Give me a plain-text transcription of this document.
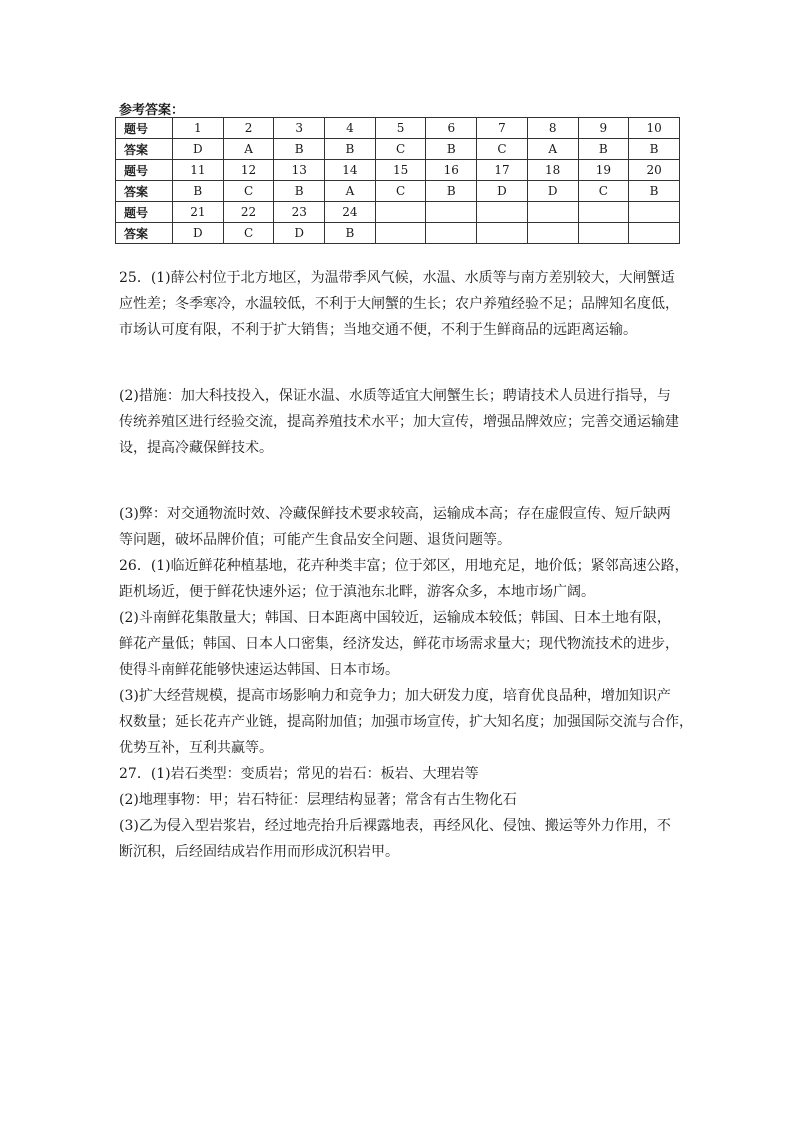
参考答案：
题号	1	2	3	4	5	6	7	8	9	10
答案	D	A	B	B	C	B	C	A	B	B
题号	11	12	13	14	15	16	17	18	19	20
答案	B	C	B	A	C	B	D	D	C	B
题号	21	22	23	24						
答案	D	C	D	B						

25．(1)薛公村位于北方地区，为温带季风气候，水温、水质等与南方差别较大，大闸蟹适
应性差；冬季寒冷，水温较低，不利于大闸蟹的生长；农户养殖经验不足；品牌知名度低，
市场认可度有限，不利于扩大销售；当地交通不便，不利于生鲜商品的远距离运输。

(2)措施：加大科技投入，保证水温、水质等适宜大闸蟹生长；聘请技术人员进行指导，与
传统养殖区进行经验交流，提高养殖技术水平；加大宣传，增强品牌效应；完善交通运输建
设，提高冷藏保鲜技术。

(3)弊：对交通物流时效、冷藏保鲜技术要求较高，运输成本高；存在虚假宣传、短斤缺两
等问题，破坏品牌价值；可能产生食品安全问题、退货问题等。

26．(1)临近鲜花种植基地，花卉种类丰富；位于郊区，用地充足，地价低；紧邻高速公路，
距机场近，便于鲜花快速外运；位于滇池东北畔，游客众多，本地市场广阔。

(2)斗南鲜花集散量大；韩国、日本距离中国较近，运输成本较低；韩国、日本土地有限，
鲜花产量低；韩国、日本人口密集，经济发达，鲜花市场需求量大；现代物流技术的进步，
使得斗南鲜花能够快速运达韩国、日本市场。

(3)扩大经营规模，提高市场影响力和竞争力；加大研发力度，培育优良品种，增加知识产
权数量；延长花卉产业链，提高附加值；加强市场宣传，扩大知名度；加强国际交流与合作，
优势互补，互利共赢等。

27．(1)岩石类型：变质岩；常见的岩石：板岩、大理岩等

(2)地理事物：甲；岩石特征：层理结构显著；常含有古生物化石

(3)乙为侵入型岩浆岩，经过地壳抬升后裸露地表，再经风化、侵蚀、搬运等外力作用，不
断沉积，后经固结成岩作用而形成沉积岩甲。
